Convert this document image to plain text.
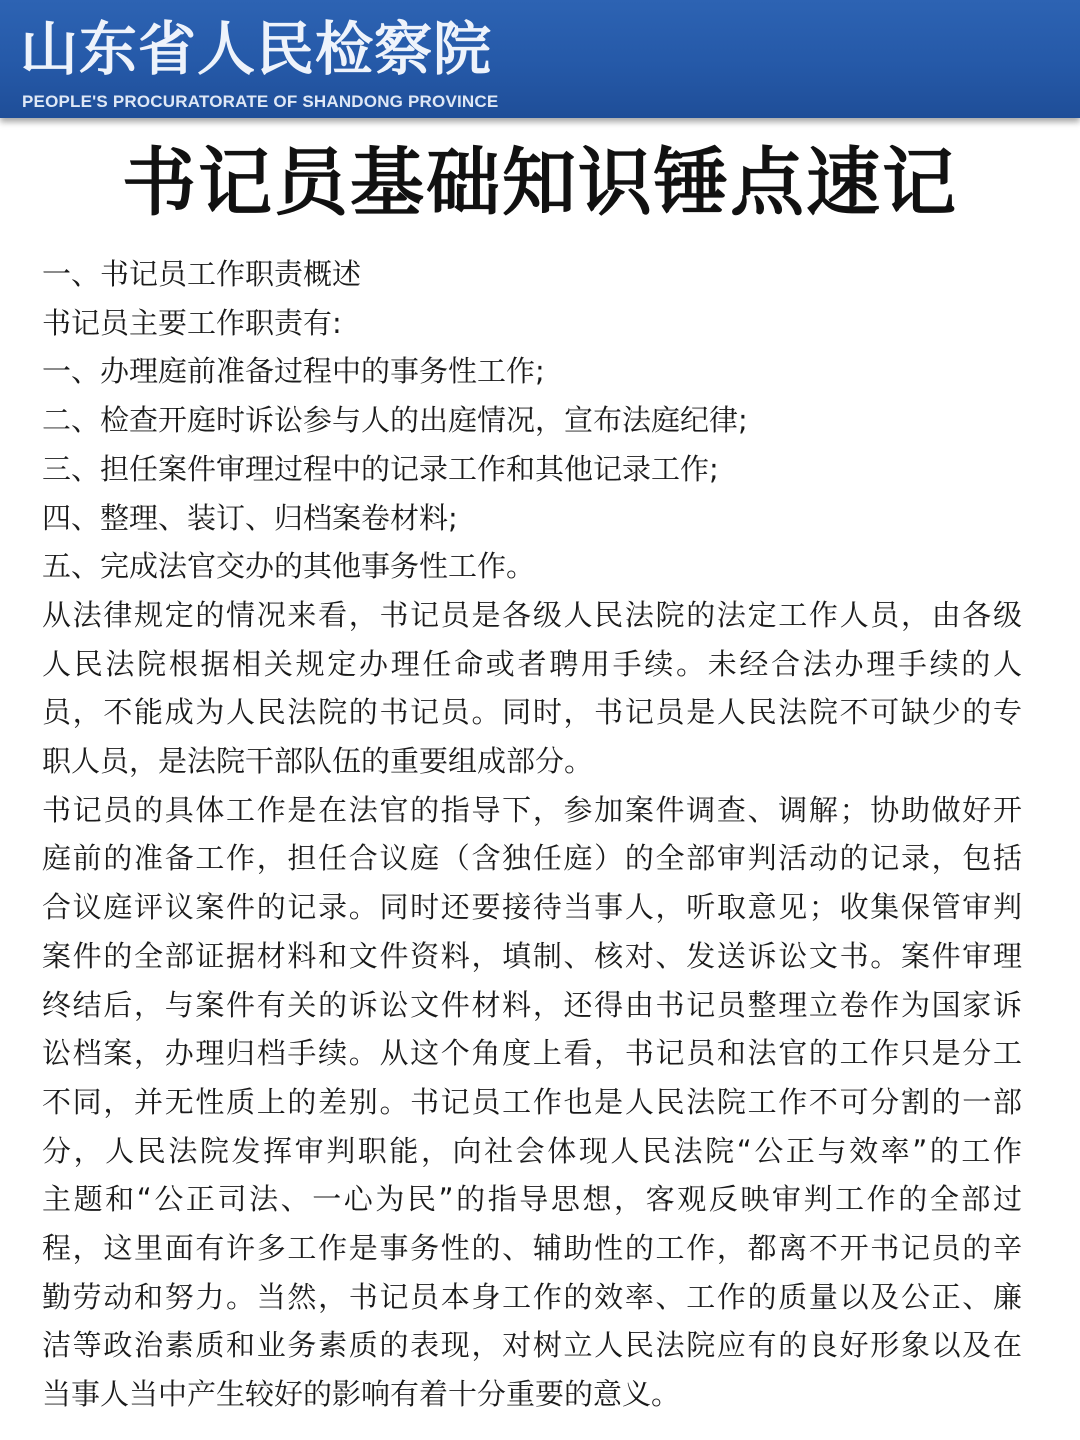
山东省人民检察院
PEOPLE'S PROCURATORATE OF SHANDONG PROVINCE
书记员基础知识锤点速记

一、书记员工作职责概述

书记员主要工作职责有:

一、办理庭前准备过程中的事务性工作;

二、检查开庭时诉讼参与人的出庭情况，宣布法庭纪律;

三、担任案件审理过程中的记录工作和其他记录工作;

四、整理、装订、归档案卷材料;

五、完成法官交办的其他事务性工作。

从法律规定的情况来看，书记员是各级人民法院的法定工作人员，由各级

人民法院根据相关规定办理任命或者聘用手续。未经合法办理手续的人

员，不能成为人民法院的书记员。同时，书记员是人民法院不可缺少的专

职人员，是法院干部队伍的重要组成部分。

书记员的具体工作是在法官的指导下，参加案件调查、调解；协助做好开

庭前的准备工作，担任合议庭（含独任庭）的全部审判活动的记录，包括

合议庭评议案件的记录。同时还要接待当事人，听取意见；收集保管审判

案件的全部证据材料和文件资料，填制、核对、发送诉讼文书。案件审理

终结后，与案件有关的诉讼文件材料，还得由书记员整理立卷作为国家诉

讼档案，办理归档手续。从这个角度上看，书记员和法官的工作只是分工

不同，并无性质上的差别。书记员工作也是人民法院工作不可分割的一部

分，人民法院发挥审判职能，向社会体现人民法院“公正与效率”的工作

主题和“公正司法、一心为民”的指导思想，客观反映审判工作的全部过

程，这里面有许多工作是事务性的、辅助性的工作，都离不开书记员的辛

勤劳动和努力。当然，书记员本身工作的效率、工作的质量以及公正、廉

洁等政治素质和业务素质的表现，对树立人民法院应有的良好形象以及在

当事人当中产生较好的影响有着十分重要的意义。
